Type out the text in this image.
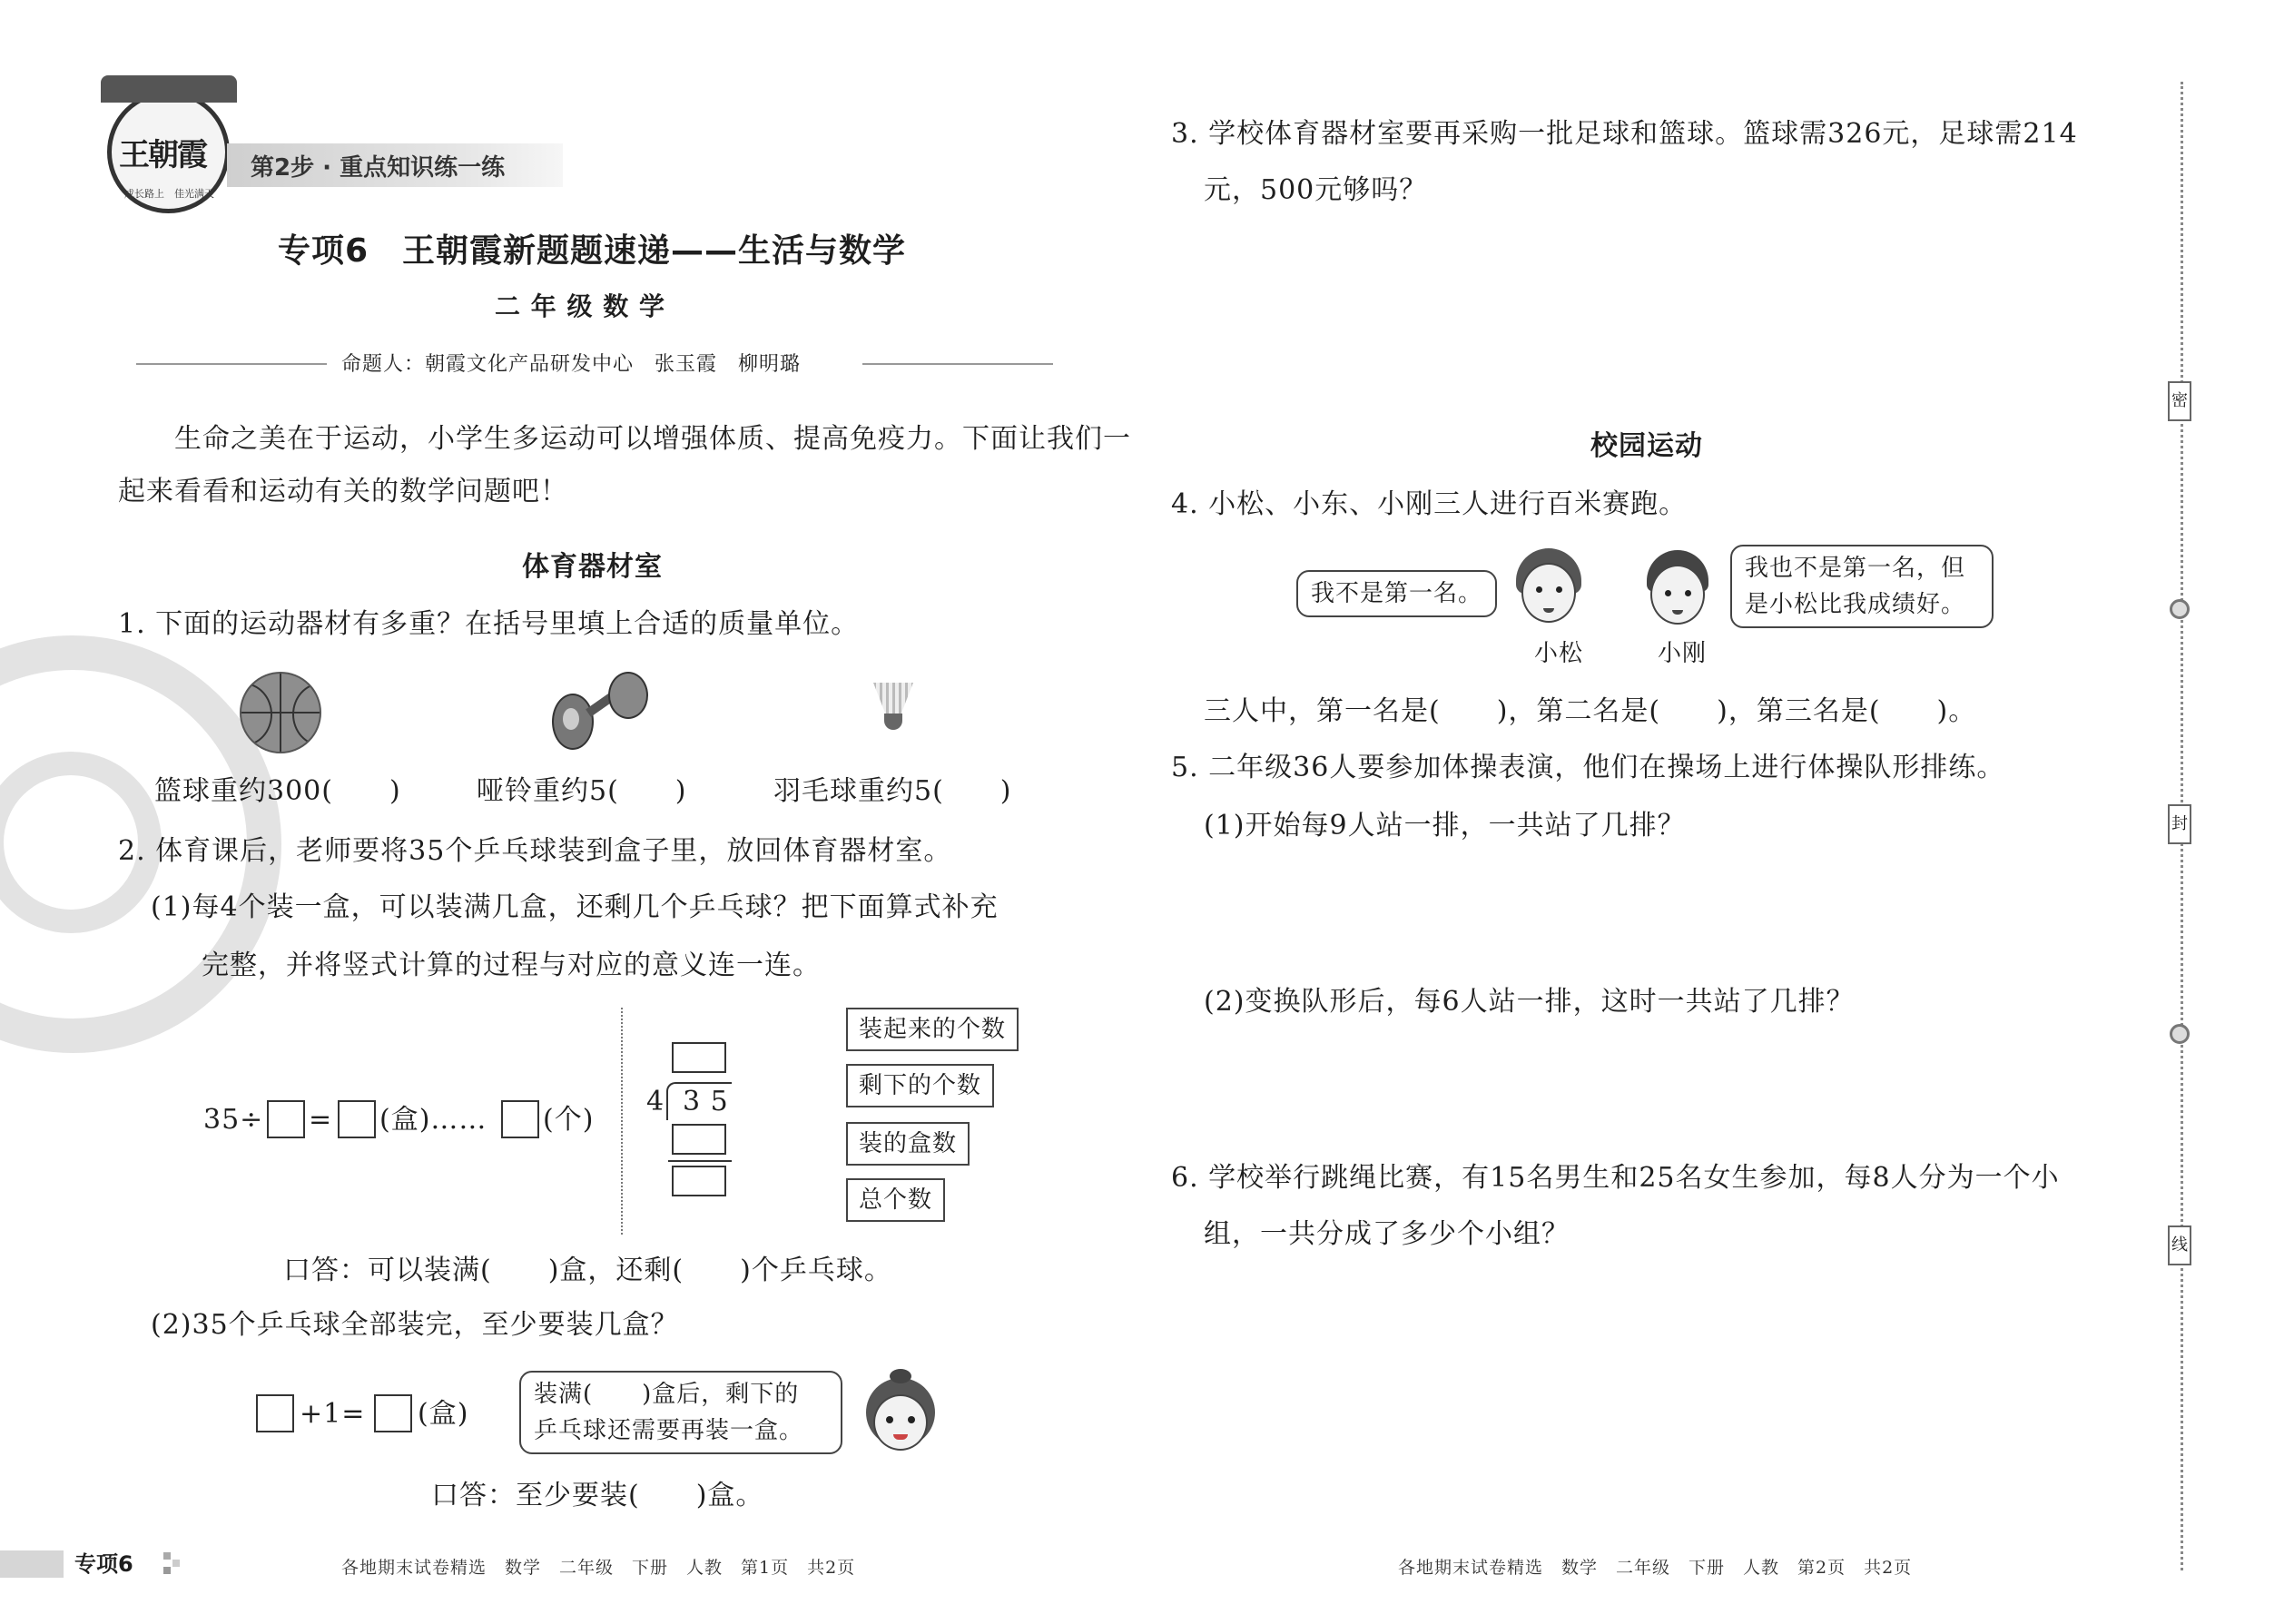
王朝霞
成长路上　 佳光满天
第2步 · 重点知识练一练
专项6　王朝霞新题题速递——生活与数学
二 年 级 数 学
命题人：朝霞文化产品研发中心　张玉霞　柳明璐
生命之美在于运动，小学生多运动可以增强体质、提高免疫力。下面让我们一
起来看看和运动有关的数学问题吧！
体育器材室
1. 下面的运动器材有多重？在括号里填上合适的质量单位。
篮球重约300(　　)	哑铃重约5(　　)	羽毛球重约5(　　)
2. 体育课后，老师要将35个乒乓球装到盒子里，放回体育器材室。
(1)每4个装一盒，可以装满几盒，还剩几个乒乓球？把下面算式补充
完整，并将竖式计算的过程与对应的意义连一连。
35÷ = (盒)…… (个)
4 3 5
装起来的个数
剩下的个数
装的盒数
总个数
口答：可以装满(　　)盒，还剩(　　)个乒乓球。
(2)35个乒乓球全部装完，至少要装几盒？
+1= (盒)
装满(　　)盒后，剩下的
乒乓球还需要再装一盒。
口答：至少要装(　　)盒。
3. 学校体育器材室要再采购一批足球和篮球。篮球需326元，足球需214
元，500元够吗？
校园运动
4. 小松、小东、小刚三人进行百米赛跑。
我不是第一名。
我也不是第一名，但
是小松比我成绩好。
小松	小刚
三人中，第一名是(　　)，第二名是(　　)，第三名是(　　)。
5. 二年级36人要参加体操表演，他们在操场上进行体操队形排练。
(1)开始每9人站一排，一共站了几排？
(2)变换队形后，每6人站一排，这时一共站了几排？
6. 学校举行跳绳比赛，有15名男生和25名女生参加，每8人分为一个小
组，一共分成了多少个小组？
密
封
线
专项6	各地期末试卷精选　数学　二年级　下册　人教　第1页　共2页	各地期末试卷精选　数学　二年级　下册　人教　第2页　共2页
